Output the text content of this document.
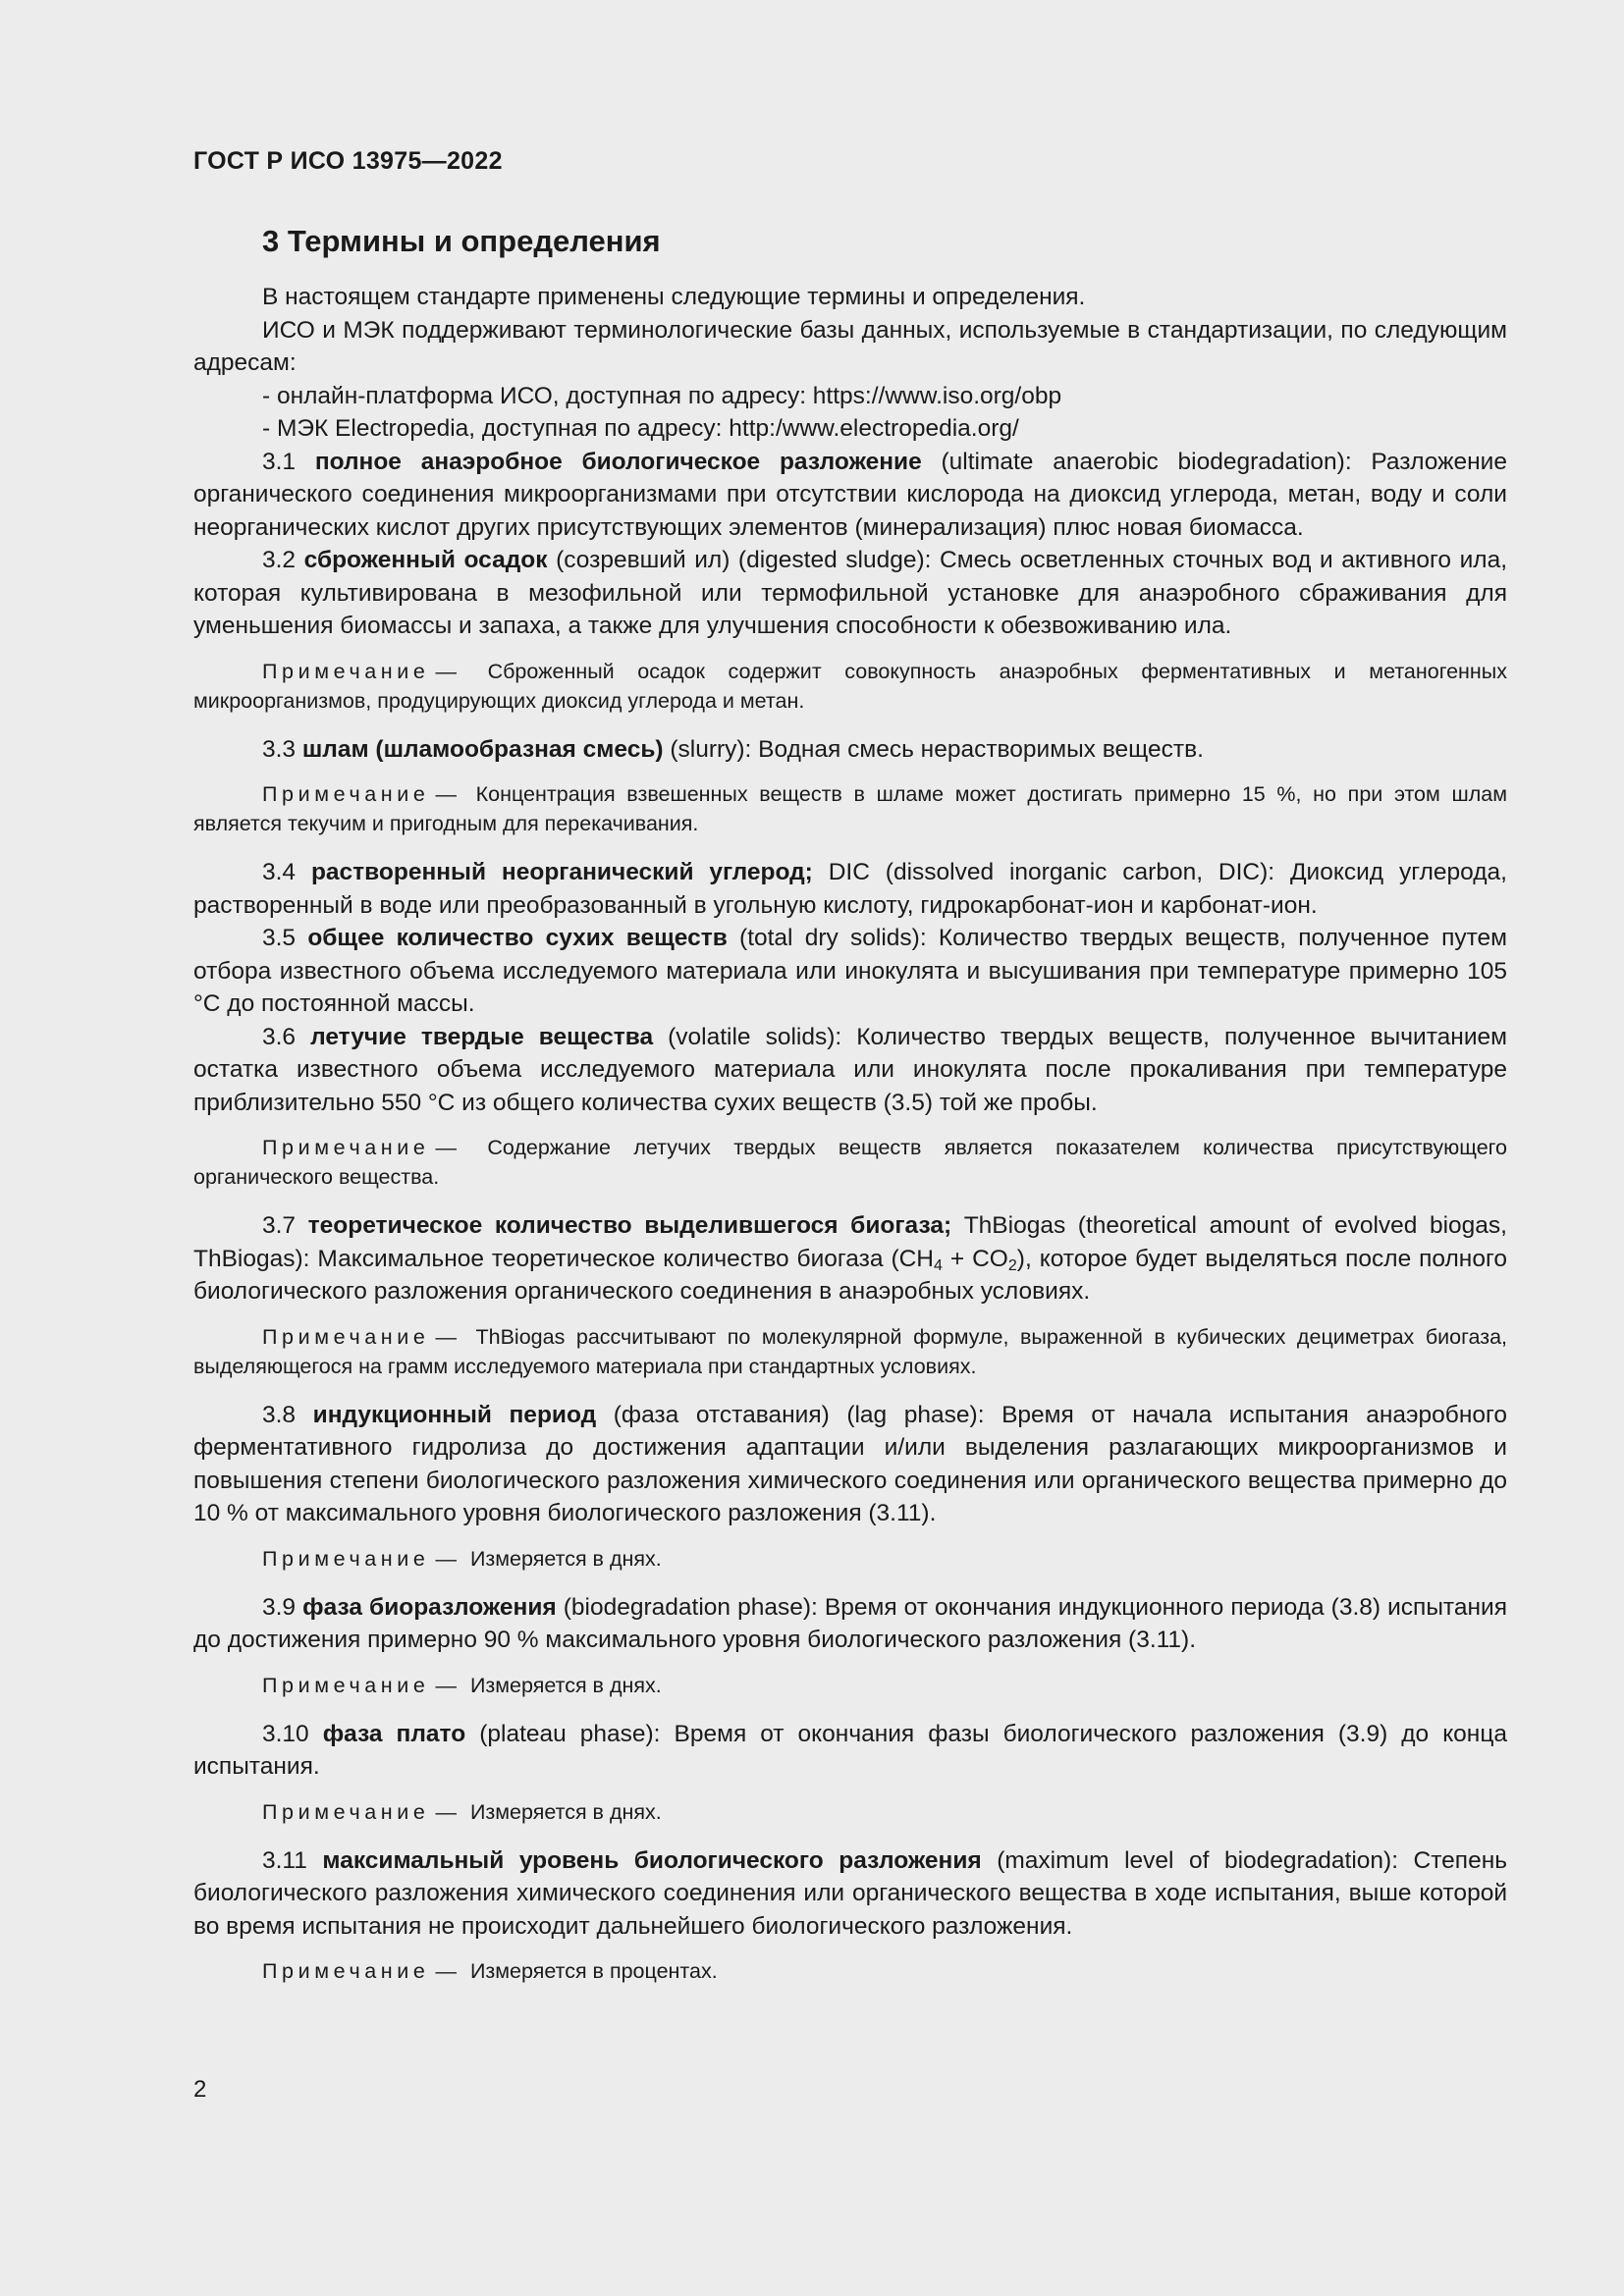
ГОСТ Р ИСО 13975—2022
3 Термины и определения

В настоящем стандарте применены следующие термины и определения.

ИСО и МЭК поддерживают терминологические базы данных, используемые в стандартизации, по следующим адресам:

- онлайн-платформа ИСО, доступная по адресу: https://www.iso.org/obp

- МЭК Electropedia, доступная по адресу: http:/www.electropedia.org/

3.1 полное анаэробное биологическое разложение (ultimate anaerobic biodegradation): Разложение органического соединения микроорганизмами при отсутствии кислорода на диоксид углерода, метан, воду и соли неорганических кислот других присутствующих элементов (минерализация) плюс новая биомасса.

3.2 сброженный осадок (созревший ил) (digested sludge): Смесь осветленных сточных вод и активного ила, которая культивирована в мезофильной или термофильной установке для анаэробного сбраживания для уменьшения биомассы и запаха, а также для улучшения способности к обезвоживанию ила.

Примечание — Сброженный осадок содержит совокупность анаэробных ферментативных и метаногенных микроорганизмов, продуцирующих диоксид углерода и метан.

3.3 шлам (шламообразная смесь) (slurry): Водная смесь нерастворимых веществ.

Примечание — Концентрация взвешенных веществ в шламе может достигать примерно 15 %, но при этом шлам является текучим и пригодным для перекачивания.

3.4 растворенный неорганический углерод; DIC (dissolved inorganic carbon, DIC): Диоксид углерода, растворенный в воде или преобразованный в угольную кислоту, гидрокарбонат-ион и карбонат-ион.

3.5 общее количество сухих веществ (total dry solids): Количество твердых веществ, полученное путем отбора известного объема исследуемого материала или инокулята и высушивания при температуре примерно 105 °C до постоянной массы.

3.6 летучие твердые вещества (volatile solids): Количество твердых веществ, полученное вычитанием остатка известного объема исследуемого материала или инокулята после прокаливания при температуре приблизительно 550 °C из общего количества сухих веществ (3.5) той же пробы.

Примечание — Содержание летучих твердых веществ является показателем количества присутствующего органического вещества.

3.7 теоретическое количество выделившегося биогаза; ThBiogas (theoretical amount of evolved biogas, ThBiogas): Максимальное теоретическое количество биогаза $(CH_4 + CO_2)$, которое будет выделяться после полного биологического разложения органического соединения в анаэробных условиях.

Примечание — ThBiogas рассчитывают по молекулярной формуле, выраженной в кубических дециметрах биогаза, выделяющегося на грамм исследуемого материала при стандартных условиях.

3.8 индукционный период (фаза отставания) (lag phase): Время от начала испытания анаэробного ферментативного гидролиза до достижения адаптации и/или выделения разлагающих микроорганизмов и повышения степени биологического разложения химического соединения или органического вещества примерно до 10 % от максимального уровня биологического разложения (3.11).

Примечание — Измеряется в днях.

3.9 фаза биоразложения (biodegradation phase): Время от окончания индукционного периода (3.8) испытания до достижения примерно 90 % максимального уровня биологического разложения (3.11).

Примечание — Измеряется в днях.

3.10 фаза плато (plateau phase): Время от окончания фазы биологического разложения (3.9) до конца испытания.

Примечание — Измеряется в днях.

3.11 максимальный уровень биологического разложения (maximum level of biodegradation): Степень биологического разложения химического соединения или органического вещества в ходе испытания, выше которой во время испытания не происходит дальнейшего биологического разложения.

Примечание — Измеряется в процентах.

2
